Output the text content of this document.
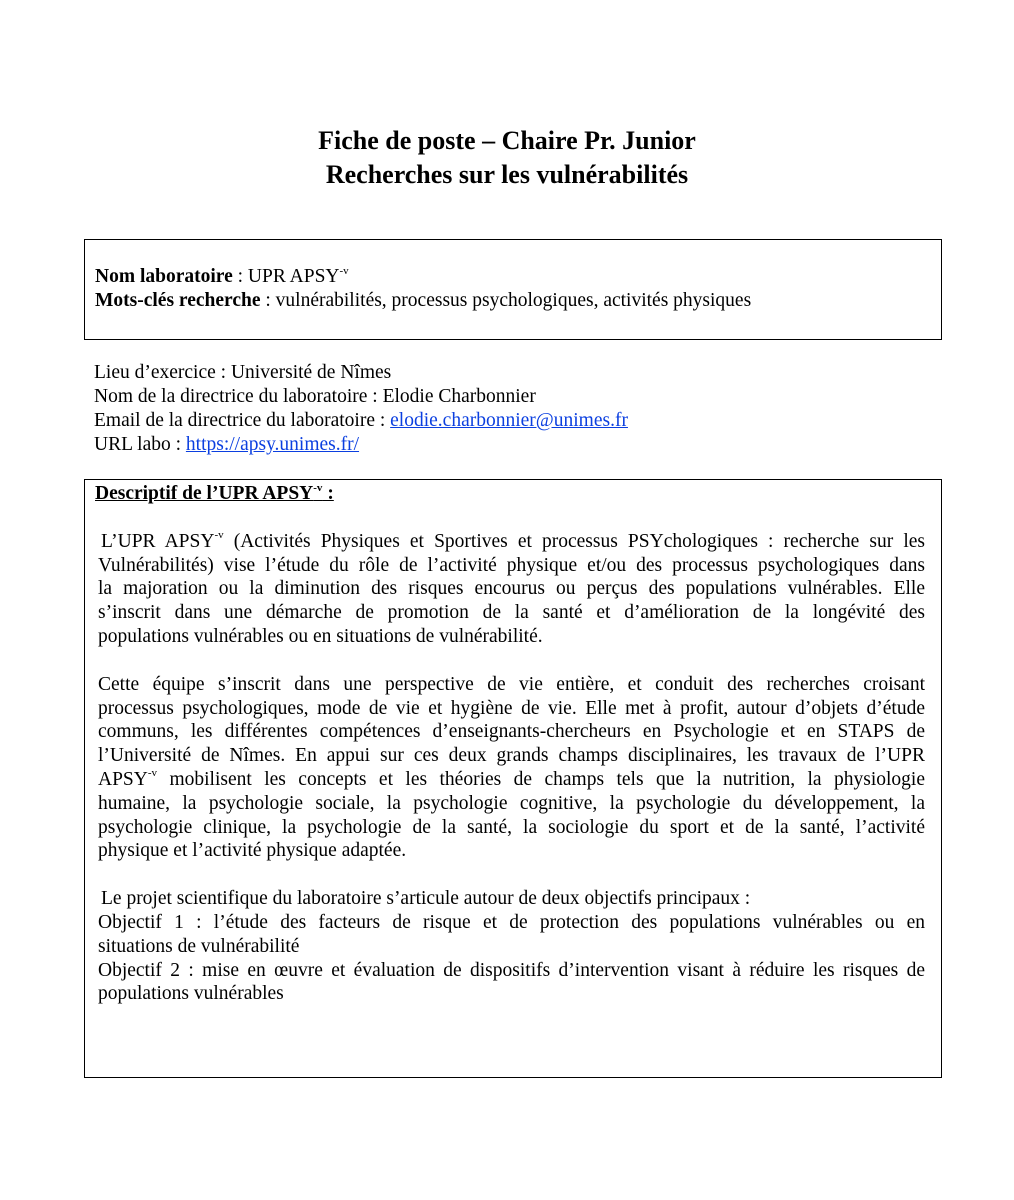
Fiche de poste – Chaire Pr. Junior
Recherches sur les vulnérabilités
Nom laboratoire : UPR $APSY^{-v}$
Mots-clés recherche : vulnérabilités, processus psychologiques, activités physiques
Lieu d’exercice : Université de Nîmes
Nom de la directrice du laboratoire : Elodie Charbonnier
Email de la directrice du laboratoire : elodie.charbonnier@unimes.fr
URL labo : https://apsy.unimes.fr/
Descriptif de l’UPR $APSY^{-v}$ :
L’UPR $APSY^{-v}$ (Activités Physiques et Sportives et processus PSYchologiques : recherche sur les
Vulnérabilités) vise l’étude du rôle de l’activité physique et/ou des processus psychologiques dans
la majoration ou la diminution des risques encourus ou perçus des populations vulnérables. Elle
s’inscrit dans une démarche de promotion de la santé et d’amélioration de la longévité des
populations vulnérables ou en situations de vulnérabilité.
Cette équipe s’inscrit dans une perspective de vie entière, et conduit des recherches croisant
processus psychologiques, mode de vie et hygiène de vie. Elle met à profit, autour d’objets d’étude
communs, les différentes compétences d’enseignants-chercheurs en Psychologie et en STAPS de
l’Université de Nîmes. En appui sur ces deux grands champs disciplinaires, les travaux de l’UPR
$APSY^{-v}$ mobilisent les concepts et les théories de champs tels que la nutrition, la physiologie
humaine, la psychologie sociale, la psychologie cognitive, la psychologie du développement, la
psychologie clinique, la psychologie de la santé, la sociologie du sport et de la santé, l’activité
physique et l’activité physique adaptée.
Le projet scientifique du laboratoire s’articule autour de deux objectifs principaux :
Objectif 1 : l’étude des facteurs de risque et de protection des populations vulnérables ou en
situations de vulnérabilité
Objectif 2 : mise en œuvre et évaluation de dispositifs d’intervention visant à réduire les risques de
populations vulnérables
